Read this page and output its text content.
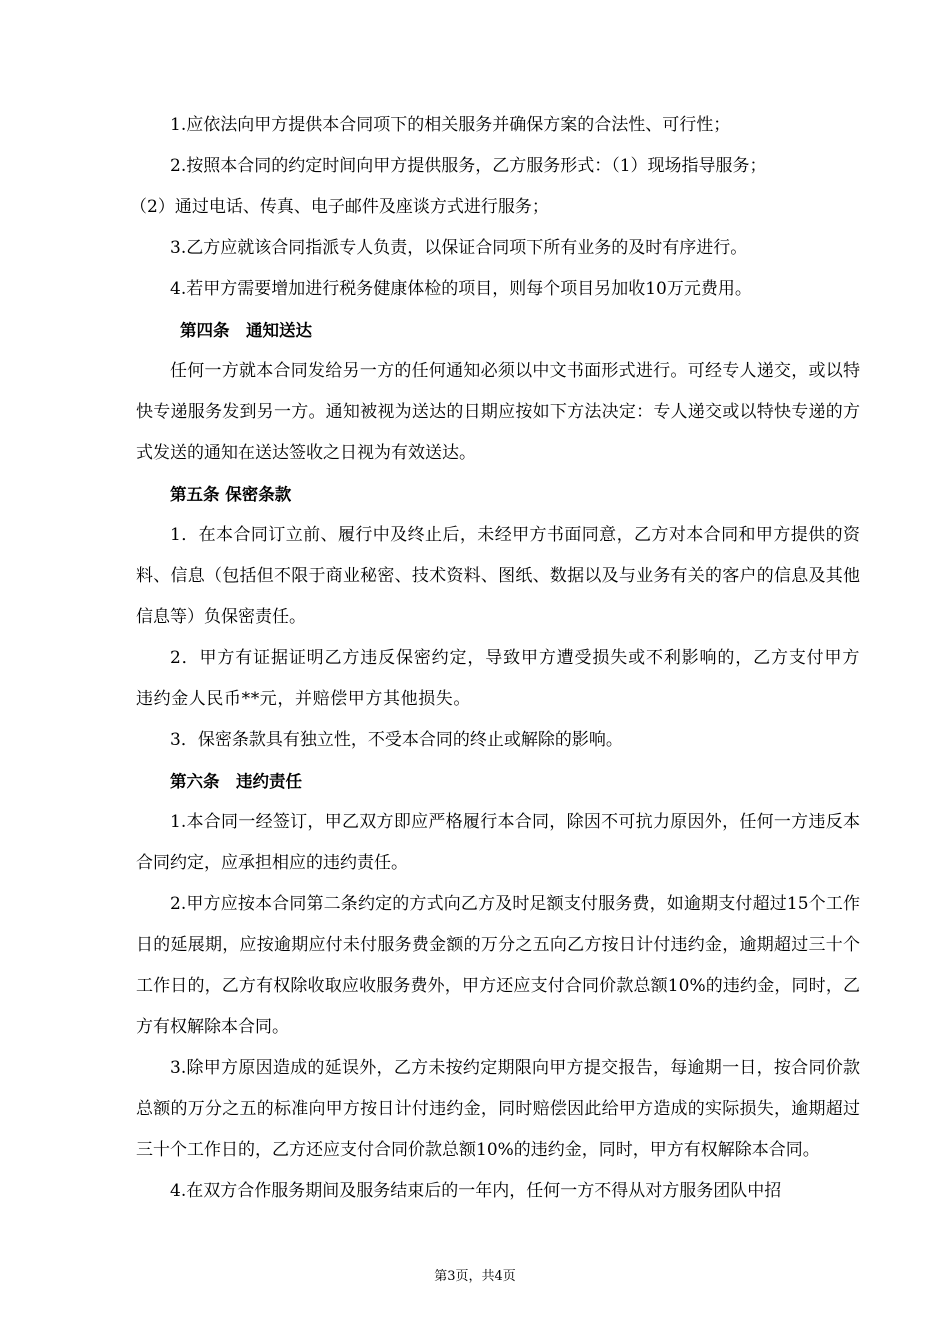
1.应依法向甲方提供本合同项下的相关服务并确保方案的合法性、可行性；

2.按照本合同的约定时间向甲方提供服务，乙方服务形式：（1）现场指导服务；

（2）通过电话、传真、电子邮件及座谈方式进行服务；

3.乙方应就该合同指派专人负责，以保证合同项下所有业务的及时有序进行。

4.若甲方需要增加进行税务健康体检的项目，则每个项目另加收10万元费用。

第四条　通知送达

任何一方就本合同发给另一方的任何通知必须以中文书面形式进行。可经专人递交，或以特快专递服务发到另一方。通知被视为送达的日期应按如下方法决定：专人递交或以特快专递的方式发送的通知在送达签收之日视为有效送达。

第五条 保密条款

1．在本合同订立前、履行中及终止后，未经甲方书面同意，乙方对本合同和甲方提供的资料、信息（包括但不限于商业秘密、技术资料、图纸、数据以及与业务有关的客户的信息及其他信息等）负保密责任。

2．甲方有证据证明乙方违反保密约定，导致甲方遭受损失或不利影响的，乙方支付甲方违约金人民币**元，并赔偿甲方其他损失。

3．保密条款具有独立性，不受本合同的终止或解除的影响。

第六条　违约责任

1.本合同一经签订，甲乙双方即应严格履行本合同，除因不可抗力原因外，任何一方违反本合同约定，应承担相应的违约责任。

2.甲方应按本合同第二条约定的方式向乙方及时足额支付服务费，如逾期支付超过15个工作日的延展期，应按逾期应付未付服务费金额的万分之五向乙方按日计付违约金，逾期超过三十个工作日的，乙方有权除收取应收服务费外，甲方还应支付合同价款总额10%的违约金，同时，乙方有权解除本合同。

3.除甲方原因造成的延误外，乙方未按约定期限向甲方提交报告，每逾期一日，按合同价款总额的万分之五的标准向甲方按日计付违约金，同时赔偿因此给甲方造成的实际损失，逾期超过三十个工作日的，乙方还应支付合同价款总额10%的违约金，同时，甲方有权解除本合同。

4.在双方合作服务期间及服务结束后的一年内，任何一方不得从对方服务团队中招

第3页，共4页
